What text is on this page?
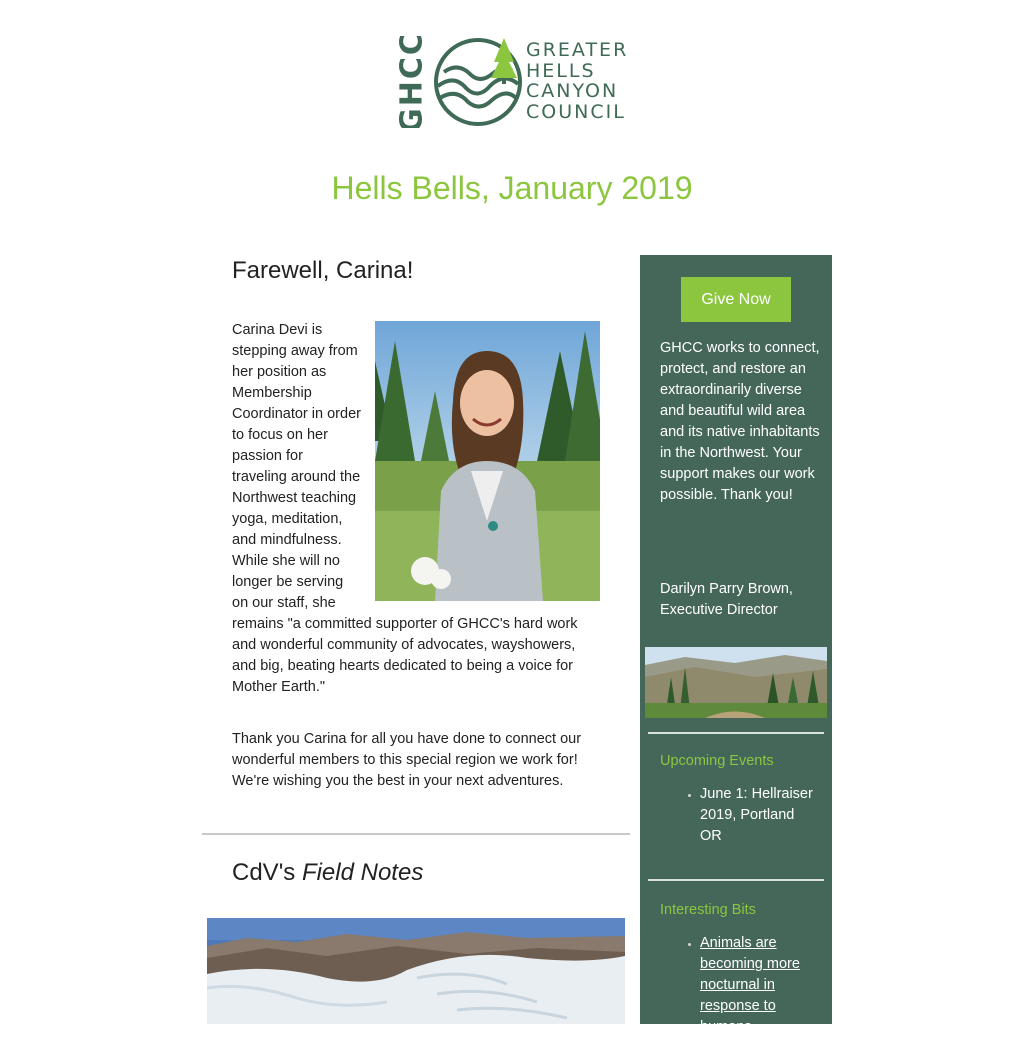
GHCC	GREATER
HELLS
CANYON
COUNCIL
Hells Bells, January 2019
Farewell, Carina!
Carina Devi is stepping away from her position as Membership Coordinator in order to focus on her passion for traveling around the Northwest teaching yoga, meditation, and mindfulness. While she will no longer be serving on our staff, she remains "a committed supporter of GHCC's hard work and wonderful community of advocates, wayshowers, and big, beating hearts dedicated to being a voice for Mother Earth."

Thank you Carina for all you have done to connect our wonderful members to this special region we work for! We're wishing you the best in your next adventures.

CdV's Field Notes
Give Now
GHCC works to connect, protect, and restore an extraordinarily diverse and beautiful wild area and its native inhabitants in the Northwest. Your support makes our work possible. Thank you!
Darilyn Parry Brown,
Executive Director
Upcoming Events
• June 1: Hellraiser 2019, Portland OR
Interesting Bits
• Animals are becoming more nocturnal in response to humans
